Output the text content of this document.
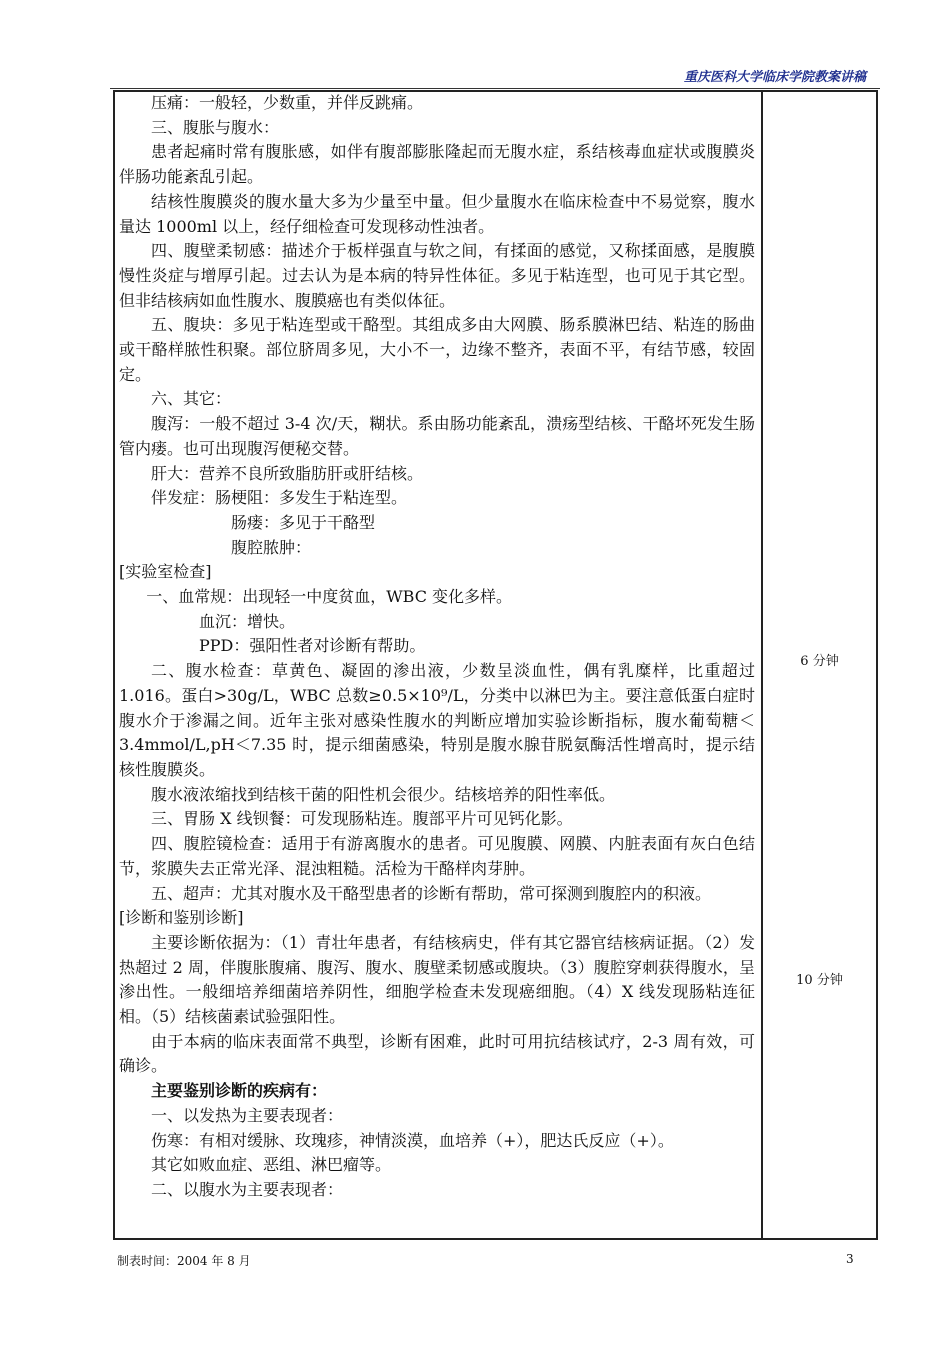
重庆医科大学临床学院教案讲稿

压痛：一般轻，少数重，并伴反跳痛。

三、腹胀与腹水：

患者起痛时常有腹胀感，如伴有腹部膨胀隆起而无腹水症，系结核毒血症状或腹膜炎伴肠功能紊乱引起。

结核性腹膜炎的腹水量大多为少量至中量。但少量腹水在临床检查中不易觉察，腹水量达 1000ml 以上，经仔细检查可发现移动性浊者。

四、腹壁柔韧感：描述介于板样强直与软之间，有揉面的感觉，又称揉面感，是腹膜慢性炎症与增厚引起。过去认为是本病的特异性体征。多见于粘连型，也可见于其它型。但非结核病如血性腹水、腹膜癌也有类似体征。

五、腹块：多见于粘连型或干酪型。其组成多由大网膜、肠系膜淋巴结、粘连的肠曲或干酪样脓性积聚。部位脐周多见，大小不一，边缘不整齐，表面不平，有结节感，较固定。

六、其它：

腹泻：一般不超过 3-4 次/天，糊状。系由肠功能紊乱，溃疡型结核、干酪坏死发生肠管内瘘。也可出现腹泻便秘交替。

肝大：营养不良所致脂肪肝或肝结核。

伴发症：肠梗阻：多发生于粘连型。

肠瘘：多见于干酪型

腹腔脓肿：

[实验室检查]

一、血常规：出现轻一中度贫血，WBC 变化多样。

血沉：增快。

PPD：强阳性者对诊断有帮助。

二、腹水检查：草黄色、凝固的渗出液，少数呈淡血性，偶有乳糜样，比重超过 1.016。蛋白>30g/L，WBC 总数≥0.5×10⁹/L，分类中以淋巴为主。要注意低蛋白症时腹水介于渗漏之间。近年主张对感染性腹水的判断应增加实验诊断指标，腹水葡萄糖＜3.4mmol/L,pH＜7.35 时，提示细菌感染，特别是腹水腺苷脱氨酶活性增高时，提示结核性腹膜炎。

腹水液浓缩找到结核干菌的阳性机会很少。结核培养的阳性率低。

三、胃肠 X 线钡餐：可发现肠粘连。腹部平片可见钙化影。

四、腹腔镜检查：适用于有游离腹水的患者。可见腹膜、网膜、内脏表面有灰白色结节，浆膜失去正常光泽、混浊粗糙。活检为干酪样肉芽肿。

五、超声：尤其对腹水及干酪型患者的诊断有帮助，常可探测到腹腔内的积液。

[诊断和鉴别诊断]

主要诊断依据为：（1）青壮年患者，有结核病史，伴有其它器官结核病证据。（2）发热超过 2 周，伴腹胀腹痛、腹泻、腹水、腹壁柔韧感或腹块。（3）腹腔穿刺获得腹水，呈渗出性。一般细培养细菌培养阴性，细胞学检查未发现癌细胞。（4）X 线发现肠粘连征相。（5）结核菌素试验强阳性。

由于本病的临床表面常不典型，诊断有困难，此时可用抗结核试疗，2-3 周有效，可确诊。

主要鉴别诊断的疾病有：

一、以发热为主要表现者：

伤寒：有相对缓脉、玫瑰疹，神情淡漠，血培养（+），肥达氏反应（+）。

其它如败血症、恶组、淋巴瘤等。

二、以腹水为主要表现者：

6 分钟
10 分钟
制表时间：2004 年 8 月	3
